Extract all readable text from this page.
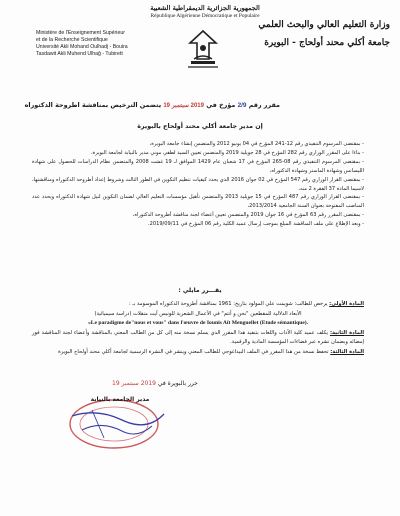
الجمهورية الجزائرية الديمقراطية الشعبية
République Algérienne Démocratique et Populaire
Ministère de l'Enseignement Supérieur
et de la Recherche Scientifique
Université Akli Mohand Oulhadj - Bouira
Tasdawit Akli Muhend Ulhağ - Tubirett
وزارة التعليم العالي والبحث العلمي
جامعة أكلي محند أولحاج - البويرة
مقرر رقم 2/9 مؤرخ في 2019 سبتمبر 19 يتضمن الترخيص بمناقشة اطروحة الدكتوراه
إن مدير جامعة أكلي محند أولحاج بالبويرة

- بمقتضى المرسوم التنفيذي رقم 12-241 المؤرخ في 04 يونيو 2012 والمتضمن إنشاء جامعة البويرة،

- بناءا على المقرر الوزاري رقم 282 المؤرخ في 28 جويلية 2019 والمتضمن تعيين السيد لطفي موني مدير بالنيابة لجامعة البويرة،

- بمقتضى المرسوم التنفيذي رقم 08-265 المؤرخ في 17 شعبان عام 1429 الموافق لـ 19 غشت 2008 والمتضمن نظام الدراسات للحصول على شهادة الليسانس وشهادة الماستر وشهادة الدكتوراه،

- بمقتضى القرار الوزاري رقم 547 المؤرخ في 02 جوان 2016 الذي يحدد كيفيات تنظيم التكوين في الطور الثالث وشروط إعداد أطروحة الدكتوراه ومناقشتها، لاسيما المادة 37 الفقرة 2 منه،

- بمقتضى القرار الوزاري رقم 487 المؤرخ في 15 جويلية 2013 والمتضمن تأهيل مؤسسات التعليم العالي لضمان التكوين لنيل شهادة الدكتوراه ويحدد عدد المناصب المفتوحة بعنوان السنة الجامعية 2013/2014،

- بمقتضى المقرر رقم 63 المؤرخ في 16 جوان 2019 والمتضمن تعيين أعضاء لجنة مناقشة أطروحة الدكتوراه،

- وبعد الإطلاع على ملف المناقشة المبلغ بموجب إرسال عميد الكلية رقم 06 المؤرخ في 2019/09/11.

يقـــرر مايلي :

المادة الأولى: يرخص للطالب: شويمت علي المولود بتاريخ: 1961 بمناقشة أطروحة الدكتوراه الموسومة بـ :

الأبعاد الدلالية للمقطعين "نحن و أنتم" في الأعمال الشعرية للونيس آيت منقلات (دراسة سيميائية)

«Le paradigme de"nous et vous" dans l'œuvre de Iounis Aït Menguellet (Etude sémantique).

المادة الثانية: يكلف عميد كلية الآداب واللغات بتنفيذ هذا المقرر الذي يسلم نسخة منه إلى كل من الطالب المعني بالمناقشة وأعضاء لجنة المناقشة فور إمضائه وبضمان نشره عبر فضاءات المؤسسة المادية والرقمية.

المادة الثالثة: تحفظ نسخة من هذا المقرر في الملف البيداغوجي للطالب المعني وينشر في النشرة الرسمية لجامعة أكلي محند أولحاج البويرة

حرر بالبويرة في 2019 سبتمبر 19
مدير الجامعة بالنيابة
